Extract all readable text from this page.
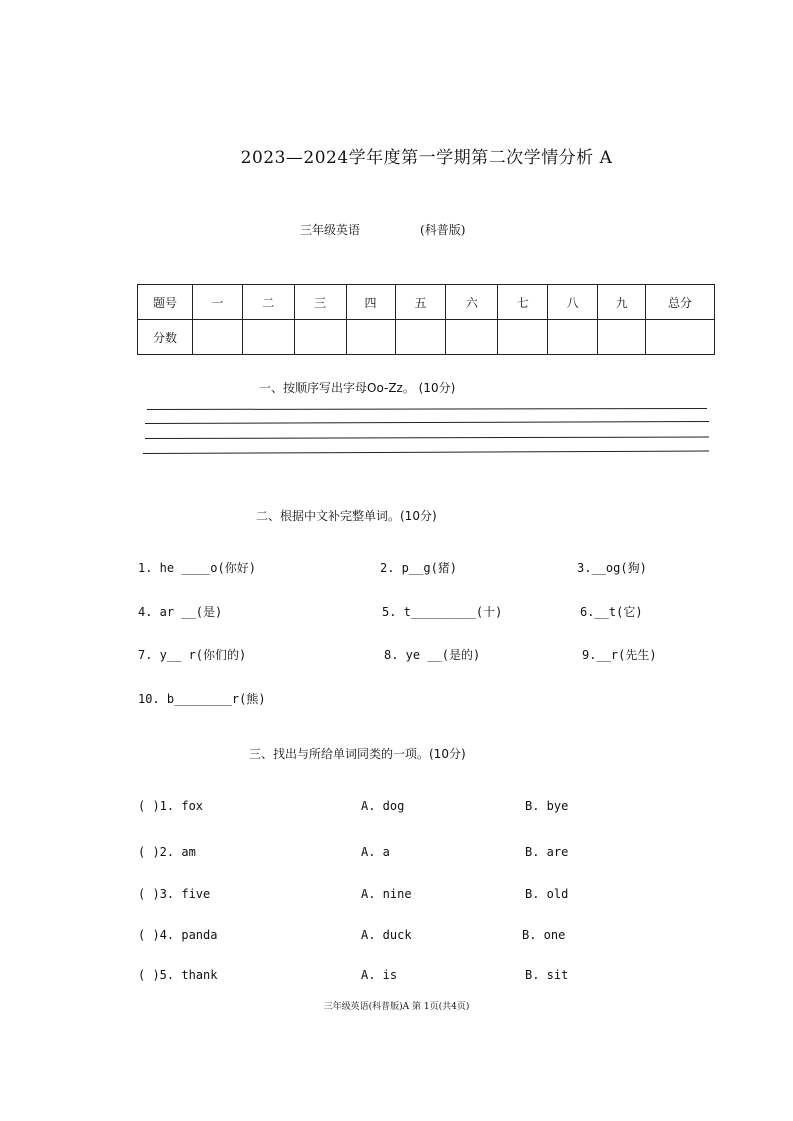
2023—2024学年度第一学期第二次学情分析 A
三年级英语	(科普版)
题号	一	二	三	四	五	六	七	八	九	总分
分数										
一、按顺序写出字母Oo-Zz。 (10分)
二、根据中文补完整单词。(10分)
1. he ____o(你好)	2. p__g(猪)	3.__og(狗)
4. ar __(是)	5. t_________(十)	6.__t(它)
7. y__ r(你们的)	8. ye __(是的)	9.__r(先生)
10. b________r(熊)
三、找出与所给单词同类的一项。(10分)
( )1. fox	A. dog	B. bye
( )2. am	A. a	B. are
( )3. five	A. nine	B. old
( )4. panda	A. duck	B. one
( )5. thank	A. is	B. sit
三年级英语(科普版)A 第 1页(共4页)
